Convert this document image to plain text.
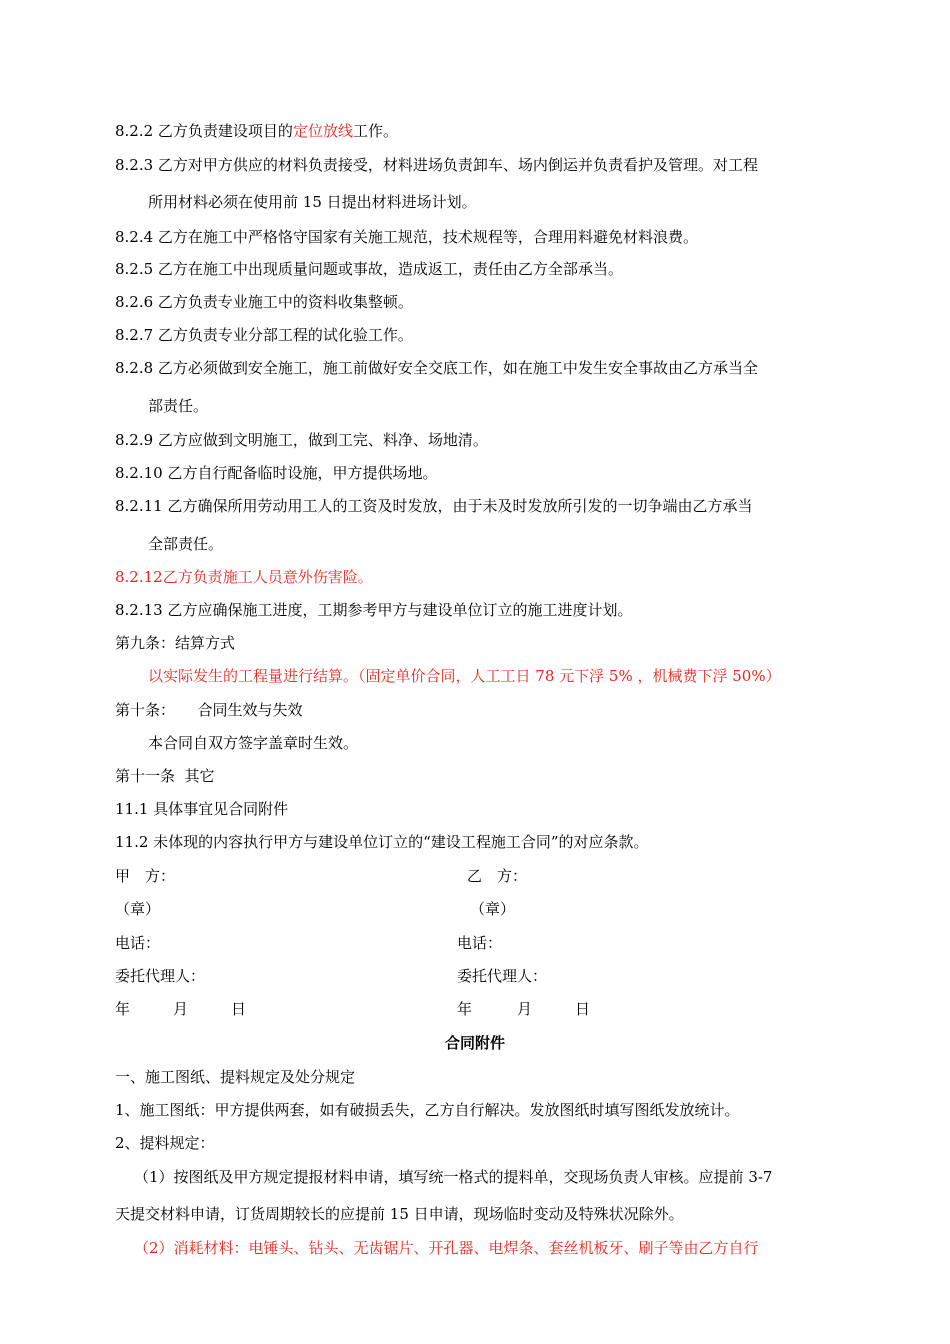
8.2.2 乙方负责建设项目的定位放线工作。
8.2.3 乙方对甲方供应的材料负责接受，材料进场负责卸车、场内倒运并负责看护及管理。对工程
所用材料必须在使用前 15 日提出材料进场计划。
8.2.4 乙方在施工中严格恪守国家有关施工规范，技术规程等，合理用料避免材料浪费。
8.2.5 乙方在施工中出现质量问题或事故，造成返工，责任由乙方全部承当。
8.2.6 乙方负责专业施工中的资料收集整顿。
8.2.7 乙方负责专业分部工程的试化验工作。
8.2.8 乙方必须做到安全施工，施工前做好安全交底工作，如在施工中发生安全事故由乙方承当全
部责任。
8.2.9 乙方应做到文明施工，做到工完、料净、场地清。
8.2.10 乙方自行配备临时设施，甲方提供场地。
8.2.11 乙方确保所用劳动用工人的工资及时发放，由于未及时发放所引发的一切争端由乙方承当
全部责任。
8.2.12乙方负责施工人员意外伤害险。
8.2.13 乙方应确保施工进度，工期参考甲方与建设单位订立的施工进度计划。
第九条：结算方式
以实际发生的工程量进行结算。（固定单价合同，人工工日 78 元下浮 5% ，机械费下浮 50%）
第十条：　　合同生效与失效
本合同自双方签字盖章时生效。
第十一条  其它
11.1 具体事宜见合同附件
11.2 未体现的内容执行甲方与建设单位订立的“建设工程施工合同”的对应条款。
甲　方：	乙　方：
（章）	（章）
电话：	电话：
委托代理人：	委托代理人：
年	月	日	年	月	日
合同附件
一、施工图纸、提料规定及处分规定
1、施工图纸：甲方提供两套，如有破损丢失，乙方自行解决。发放图纸时填写图纸发放统计。
2、提料规定：
（1）按图纸及甲方规定提报材料申请，填写统一格式的提料单，交现场负责人审核。应提前 3-7
天提交材料申请，订货周期较长的应提前 15 日申请，现场临时变动及特殊状况除外。
（2）消耗材料：电锤头、钻头、无齿锯片、开孔器、电焊条、套丝机板牙、刷子等由乙方自行
